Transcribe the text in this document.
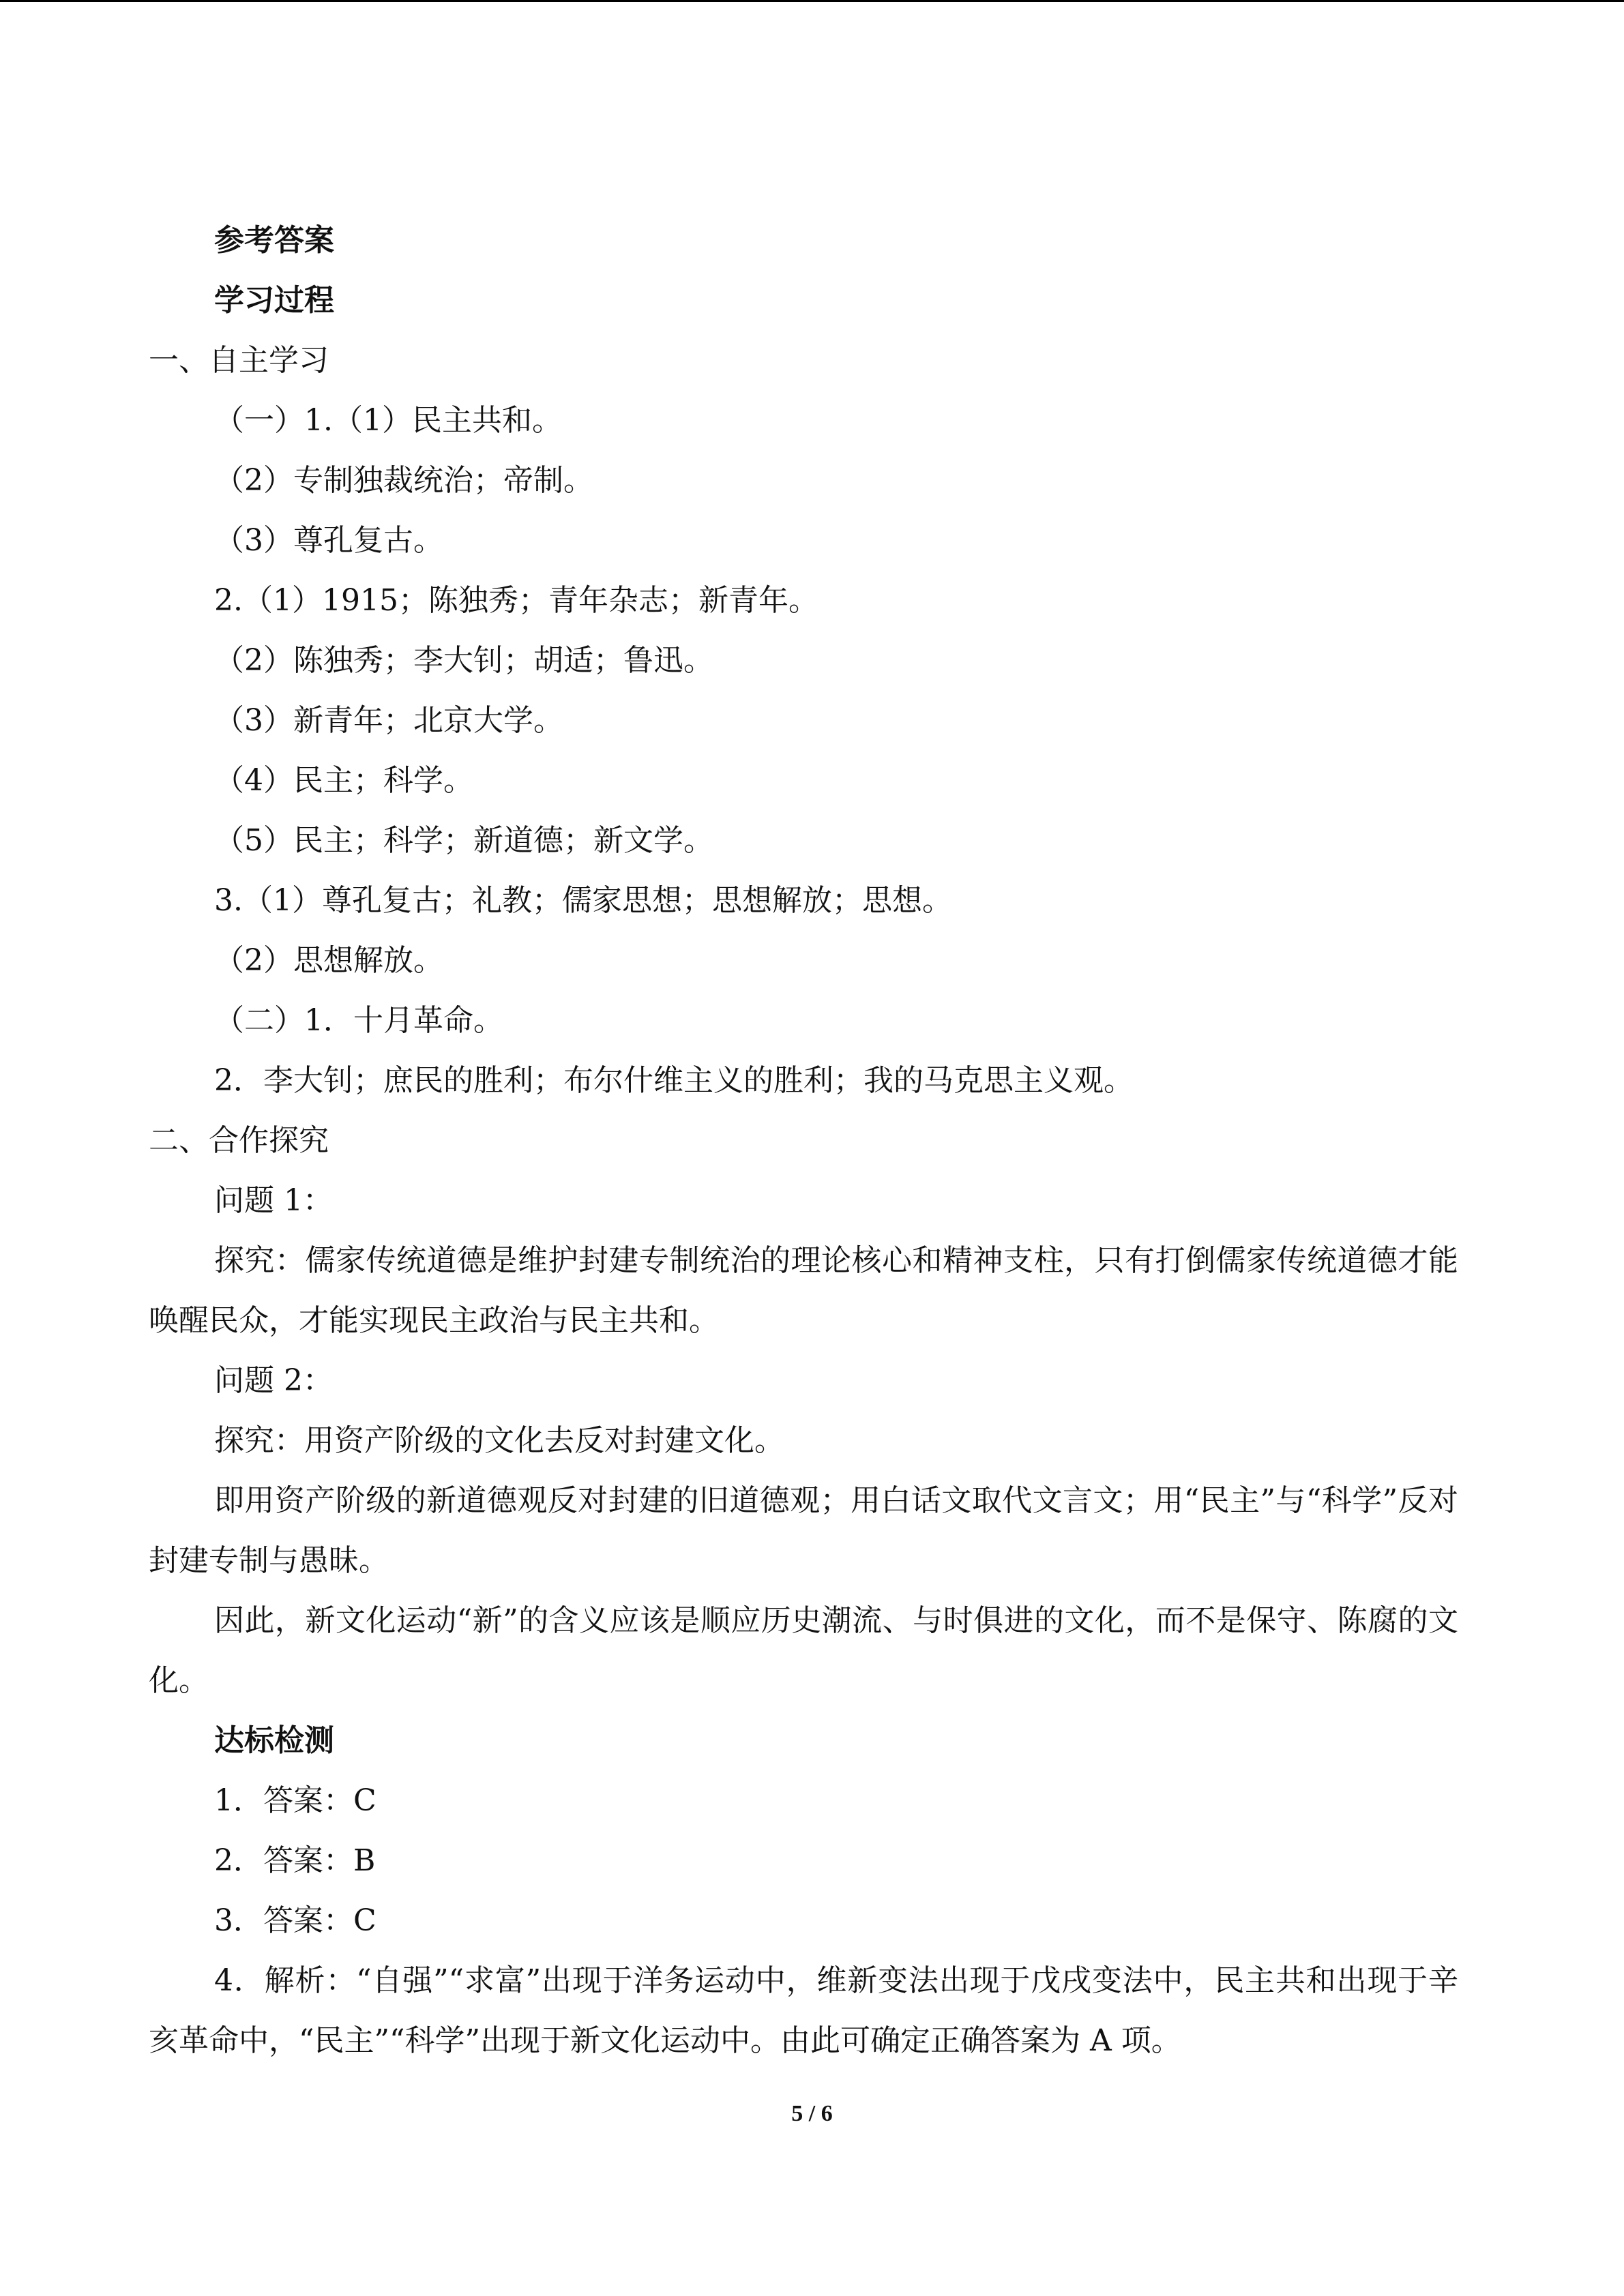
参考答案

学习过程

一、自主学习

（一）1.（1）民主共和。

（2）专制独裁统治；帝制。

（3）尊孔复古。

2.（1）1915；陈独秀；青年杂志；新青年。

（2）陈独秀；李大钊；胡适；鲁迅。

（3）新青年；北京大学。

（4）民主；科学。

（5）民主；科学；新道德；新文学。

3.（1）尊孔复古；礼教；儒家思想；思想解放；思想。

（2）思想解放。

（二）1．十月革命。

2．李大钊；庶民的胜利；布尔什维主义的胜利；我的马克思主义观。

二、合作探究

问题 1：

探究：儒家传统道德是维护封建专制统治的理论核心和精神支柱，只有打倒儒家传统道德才能唤醒民众，才能实现民主政治与民主共和。

问题 2：

探究：用资产阶级的文化去反对封建文化。

即用资产阶级的新道德观反对封建的旧道德观；用白话文取代文言文；用“民主”与“科学”反对封建专制与愚昧。

因此，新文化运动“新”的含义应该是顺应历史潮流、与时俱进的文化，而不是保守、陈腐的文化。

达标检测

1．答案：C

2．答案：B

3．答案：C

4．解析：“自强”“求富”出现于洋务运动中，维新变法出现于戊戌变法中，民主共和出现于辛亥革命中，“民主”“科学”出现于新文化运动中。由此可确定正确答案为 A 项。

5 / 6
